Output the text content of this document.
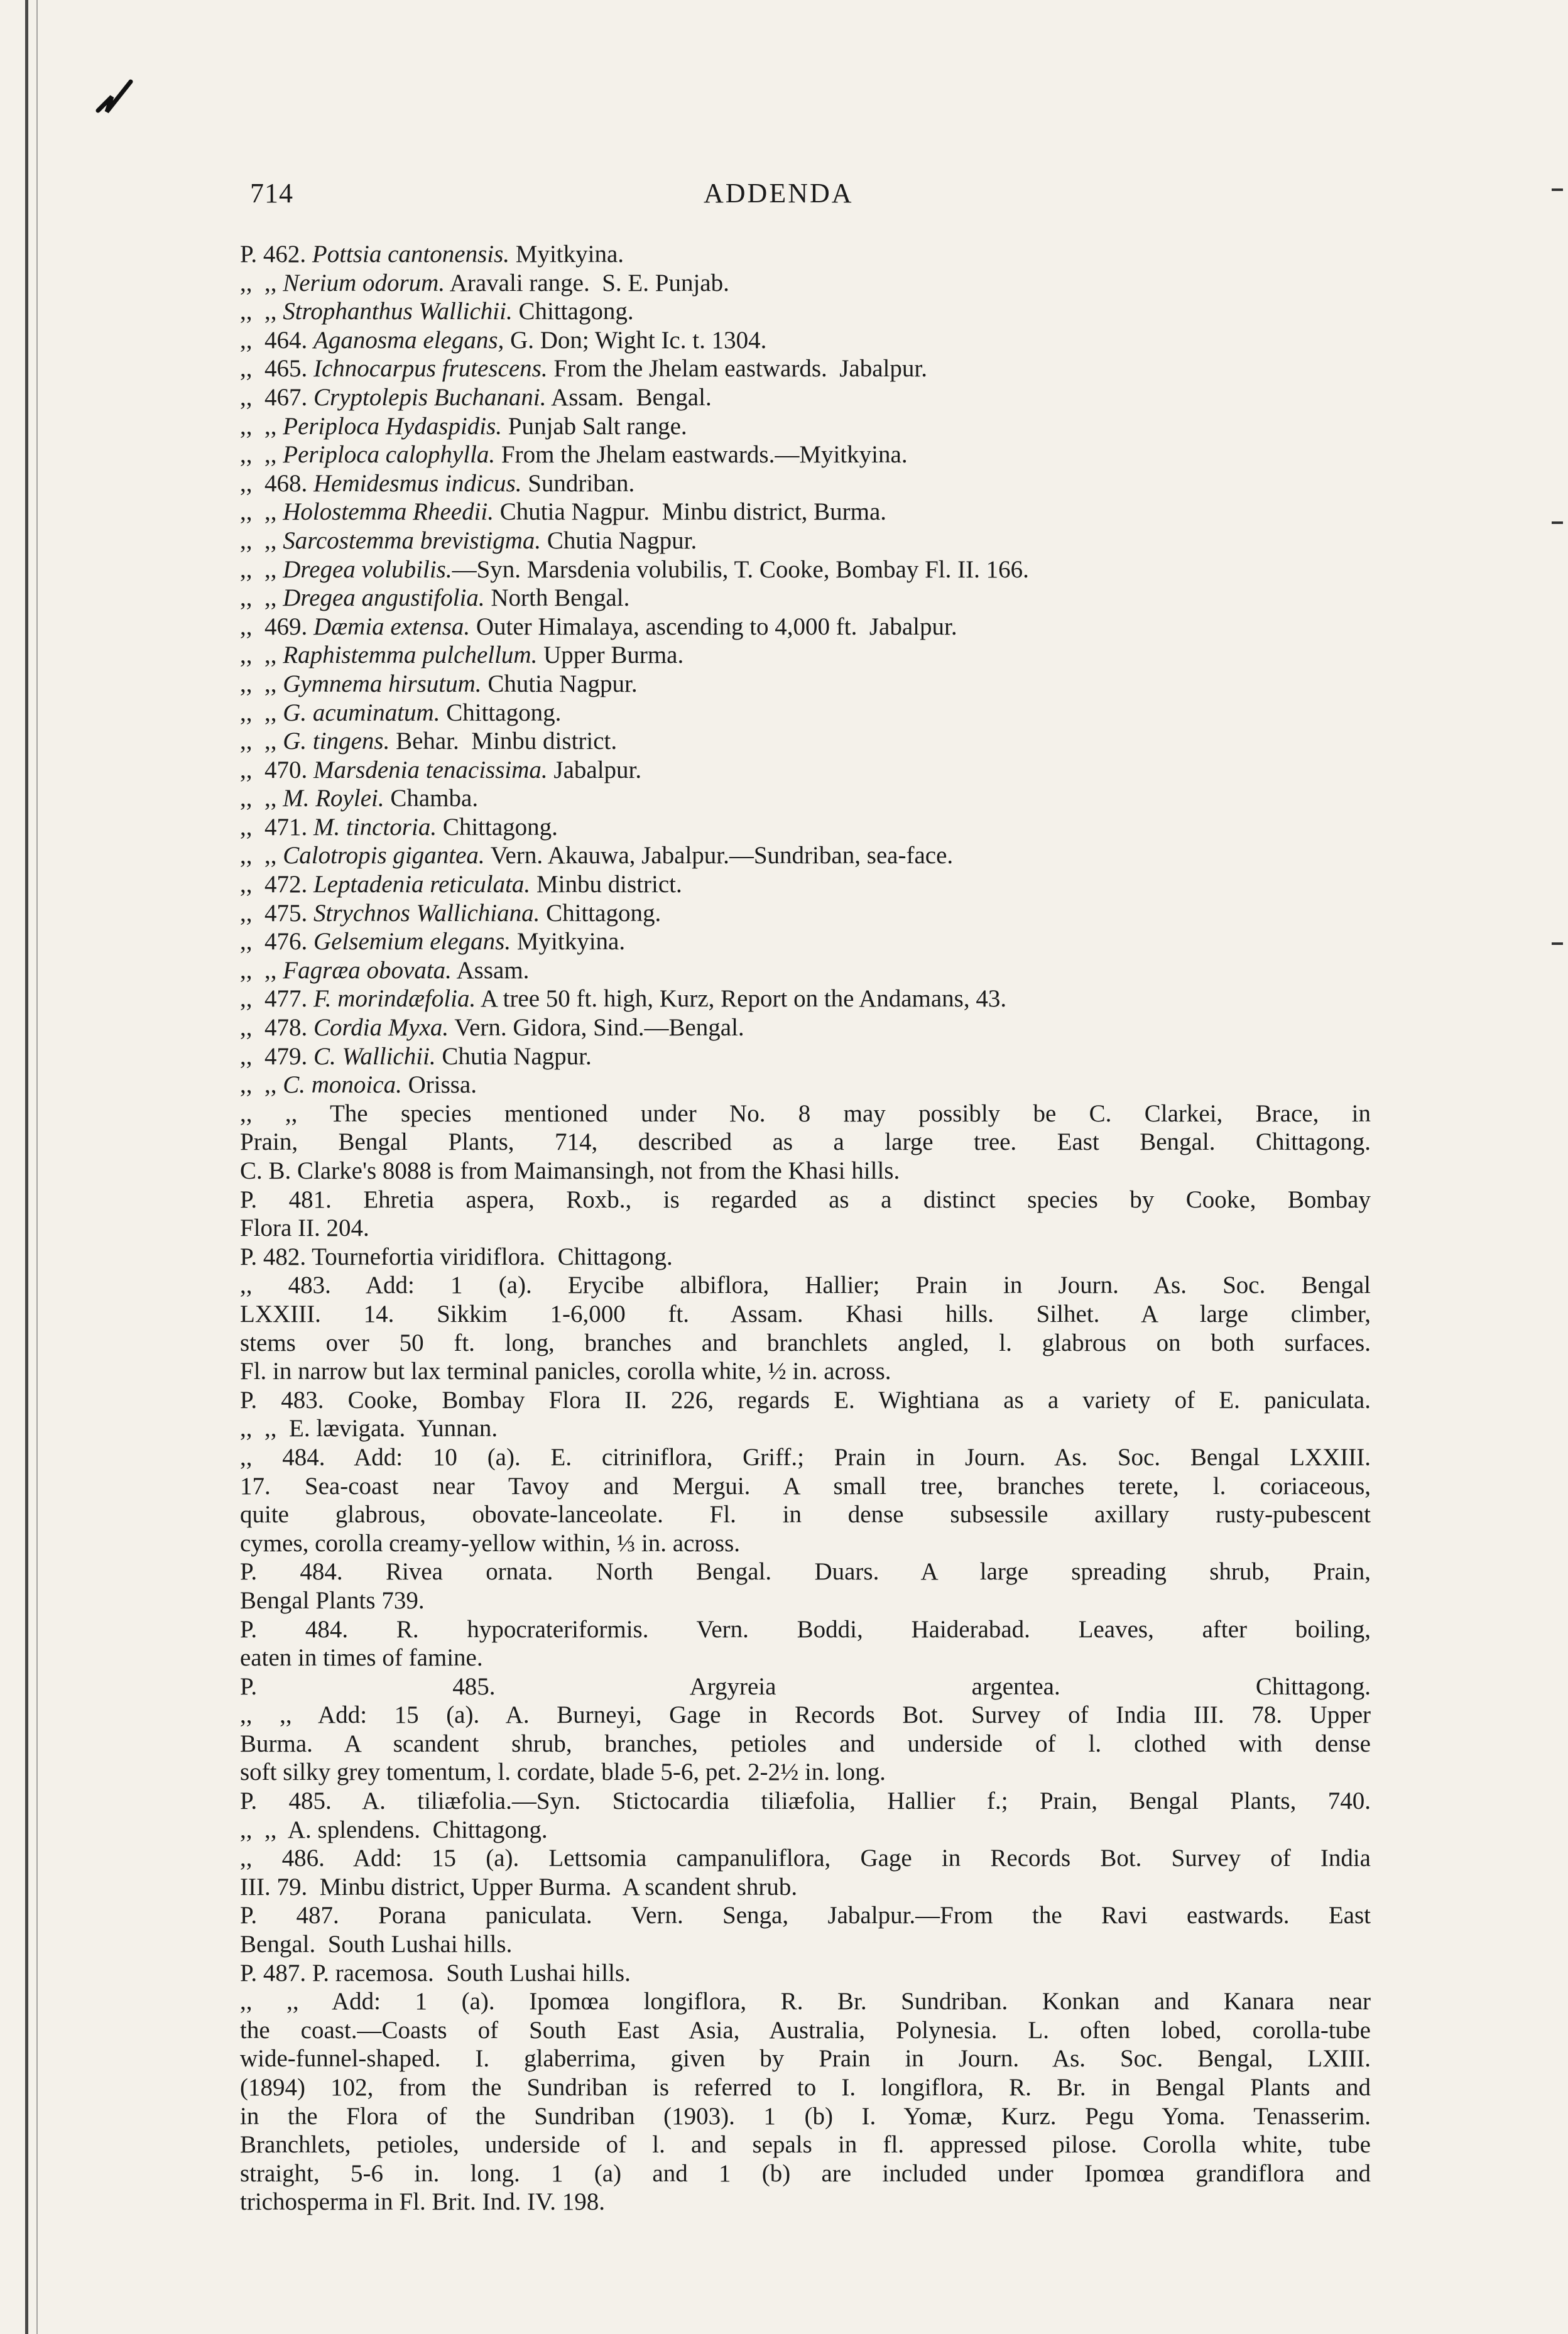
714	ADDENDA
P. 462. Pottsia cantonensis. Myitkyina.
,,  ,, Nerium odorum. Aravali range.  S. E. Punjab.
,,  ,, Strophanthus Wallichii. Chittagong.
,,  464. Aganosma elegans, G. Don; Wight Ic. t. 1304.
,,  465. Ichnocarpus frutescens. From the Jhelam eastwards.  Jabalpur.
,,  467. Cryptolepis Buchanani. Assam.  Bengal.
,,  ,, Periploca Hydaspidis. Punjab Salt range.
,,  ,, Periploca calophylla. From the Jhelam eastwards.—Myitkyina.
,,  468. Hemidesmus indicus. Sundriban.
,,  ,, Holostemma Rheedii. Chutia Nagpur.  Minbu district, Burma.
,,  ,, Sarcostemma brevistigma. Chutia Nagpur.
,,  ,, Dregea volubilis.—Syn. Marsdenia volubilis, T. Cooke, Bombay Fl. II. 166.
,,  ,, Dregea angustifolia. North Bengal.
,,  469. Dæmia extensa. Outer Himalaya, ascending to 4,000 ft.  Jabalpur.
,,  ,, Raphistemma pulchellum. Upper Burma.
,,  ,, Gymnema hirsutum. Chutia Nagpur.
,,  ,, G. acuminatum. Chittagong.
,,  ,, G. tingens. Behar.  Minbu district.
,,  470. Marsdenia tenacissima. Jabalpur.
,,  ,, M. Roylei. Chamba.
,,  471. M. tinctoria. Chittagong.
,,  ,, Calotropis gigantea. Vern. Akauwa, Jabalpur.—Sundriban, sea-face.
,,  472. Leptadenia reticulata. Minbu district.
,,  475. Strychnos Wallichiana. Chittagong.
,,  476. Gelsemium elegans. Myitkyina.
,,  ,, Fagræa obovata. Assam.
,,  477. F. morindæfolia. A tree 50 ft. high, Kurz, Report on the Andamans, 43.
,,  478. Cordia Myxa. Vern. Gidora, Sind.—Bengal.
,,  479. C. Wallichii. Chutia Nagpur.
,,  ,, C. monoica. Orissa.
,, ,, The species mentioned under No. 8 may possibly be C. Clarkei, Brace, in
Prain, Bengal Plants, 714, described as a large tree. East Bengal. Chittagong.
C. B. Clarke's 8088 is from Maimansingh, not from the Khasi hills.
P. 481. Ehretia aspera, Roxb., is regarded as a distinct species by Cooke, Bombay
Flora II. 204.
P. 482. Tournefortia viridiflora.  Chittagong.
,, 483. Add: 1 (a). Erycibe albiflora, Hallier; Prain in Journ. As. Soc. Bengal
LXXIII. 14. Sikkim 1-6,000 ft. Assam. Khasi hills. Silhet. A large climber,
stems over 50 ft. long, branches and branchlets angled, l. glabrous on both surfaces.
Fl. in narrow but lax terminal panicles, corolla white, ½ in. across.
P. 483. Cooke, Bombay Flora II. 226, regards E. Wightiana as a variety of E. paniculata.
,,  ,,  E. lævigata.  Yunnan.
,, 484. Add: 10 (a). E. citriniflora, Griff.; Prain in Journ. As. Soc. Bengal LXXIII.
17. Sea-coast near Tavoy and Mergui. A small tree, branches terete, l. coriaceous,
quite glabrous, obovate-lanceolate. Fl. in dense subsessile axillary rusty-pubescent
cymes, corolla creamy-yellow within, ⅓ in. across.
P. 484. Rivea ornata. North Bengal. Duars. A large spreading shrub, Prain,
Bengal Plants 739.
P. 484. R. hypocrateriformis. Vern. Boddi, Haiderabad. Leaves, after boiling,
eaten in times of famine.
P. 485. Argyreia argentea. Chittagong.
,, ,, Add: 15 (a). A. Burneyi, Gage in Records Bot. Survey of India III. 78. Upper
Burma. A scandent shrub, branches, petioles and underside of l. clothed with dense
soft silky grey tomentum, l. cordate, blade 5-6, pet. 2-2½ in. long.
P. 485. A. tiliæfolia.—Syn. Stictocardia tiliæfolia, Hallier f.; Prain, Bengal Plants, 740.
,,  ,,  A. splendens.  Chittagong.
,, 486. Add: 15 (a). Lettsomia campanuliflora, Gage in Records Bot. Survey of India
III. 79.  Minbu district, Upper Burma.  A scandent shrub.
P. 487. Porana paniculata. Vern. Senga, Jabalpur.—From the Ravi eastwards. East
Bengal.  South Lushai hills.
P. 487. P. racemosa.  South Lushai hills.
,, ,, Add: 1 (a). Ipomœa longiflora, R. Br. Sundriban. Konkan and Kanara near
the coast.—Coasts of South East Asia, Australia, Polynesia. L. often lobed, corolla-tube
wide-funnel-shaped. I. glaberrima, given by Prain in Journ. As. Soc. Bengal, LXIII.
(1894) 102, from the Sundriban is referred to I. longiflora, R. Br. in Bengal Plants and
in the Flora of the Sundriban (1903). 1 (b) I. Yomæ, Kurz. Pegu Yoma. Tenasserim.
Branchlets, petioles, underside of l. and sepals in fl. appressed pilose. Corolla white, tube
straight, 5-6 in. long. 1 (a) and 1 (b) are included under Ipomœa grandiflora and
trichosperma in Fl. Brit. Ind. IV. 198.
